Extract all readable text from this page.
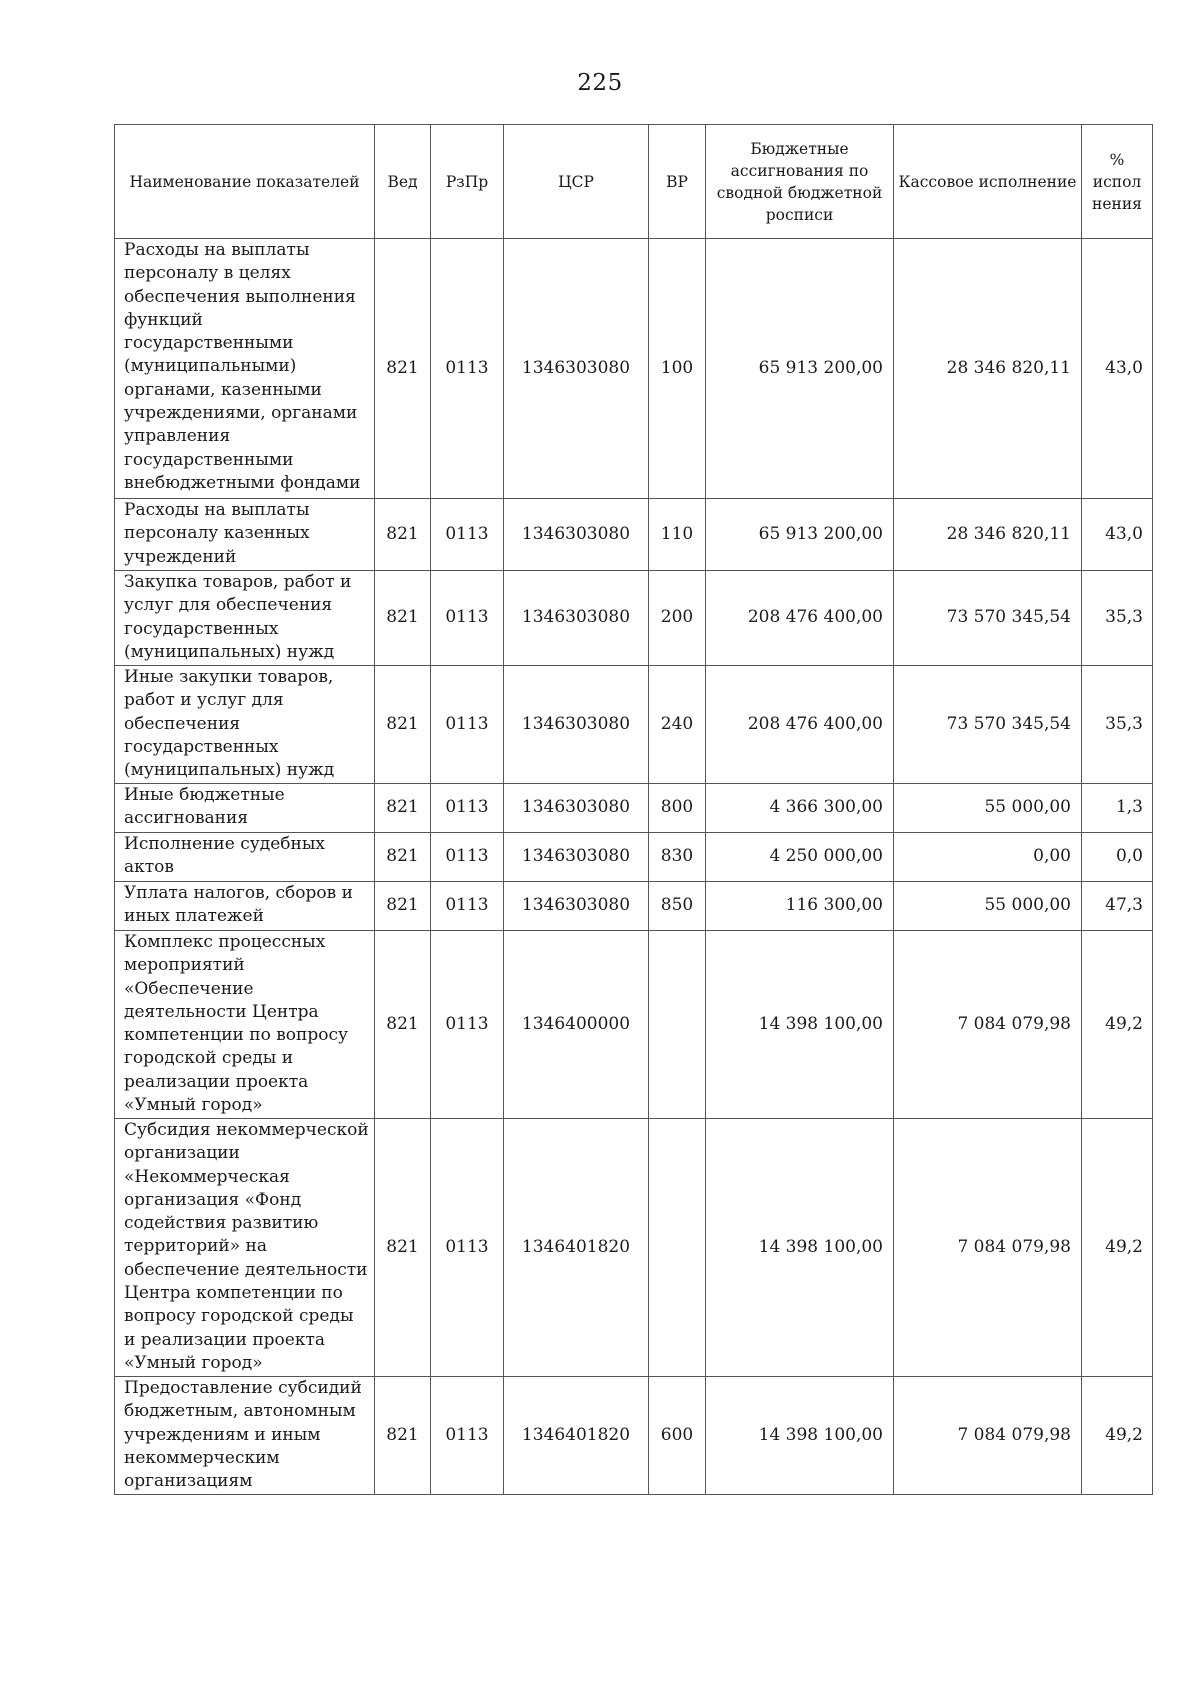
225
Наименование показателей	Вед	РзПр	ЦСР	ВР	Бюджетные ассигнования по сводной бюджетной росписи	Кассовое исполнение	% испол нения
Расходы на выплаты персоналу в целях обеспечения выполнения функций государственными (муниципальными) органами, казенными учреждениями, органами управления государственными внебюджетными фондами	821	0113	1346303080	100	65 913 200,00	28 346 820,11	43,0
Расходы на выплаты персоналу казенных учреждений	821	0113	1346303080	110	65 913 200,00	28 346 820,11	43,0
Закупка товаров, работ и услуг для обеспечения государственных (муниципальных) нужд	821	0113	1346303080	200	208 476 400,00	73 570 345,54	35,3
Иные закупки товаров, работ и услуг для обеспечения государственных (муниципальных) нужд	821	0113	1346303080	240	208 476 400,00	73 570 345,54	35,3
Иные бюджетные ассигнования	821	0113	1346303080	800	4 366 300,00	55 000,00	1,3
Исполнение судебных актов	821	0113	1346303080	830	4 250 000,00	0,00	0,0
Уплата налогов, сборов и иных платежей	821	0113	1346303080	850	116 300,00	55 000,00	47,3
Комплекс процессных мероприятий «Обеспечение деятельности Центра компетенции по вопросу городской среды и реализации проекта «Умный город»	821	0113	1346400000		14 398 100,00	7 084 079,98	49,2
Субсидия некоммерческой организации «Некоммерческая организация «Фонд содействия развитию территорий» на обеспечение деятельности Центра компетенции по вопросу городской среды и реализации проекта «Умный город»	821	0113	1346401820		14 398 100,00	7 084 079,98	49,2
Предоставление субсидий бюджетным, автономным учреждениям и иным некоммерческим организациям	821	0113	1346401820	600	14 398 100,00	7 084 079,98	49,2
